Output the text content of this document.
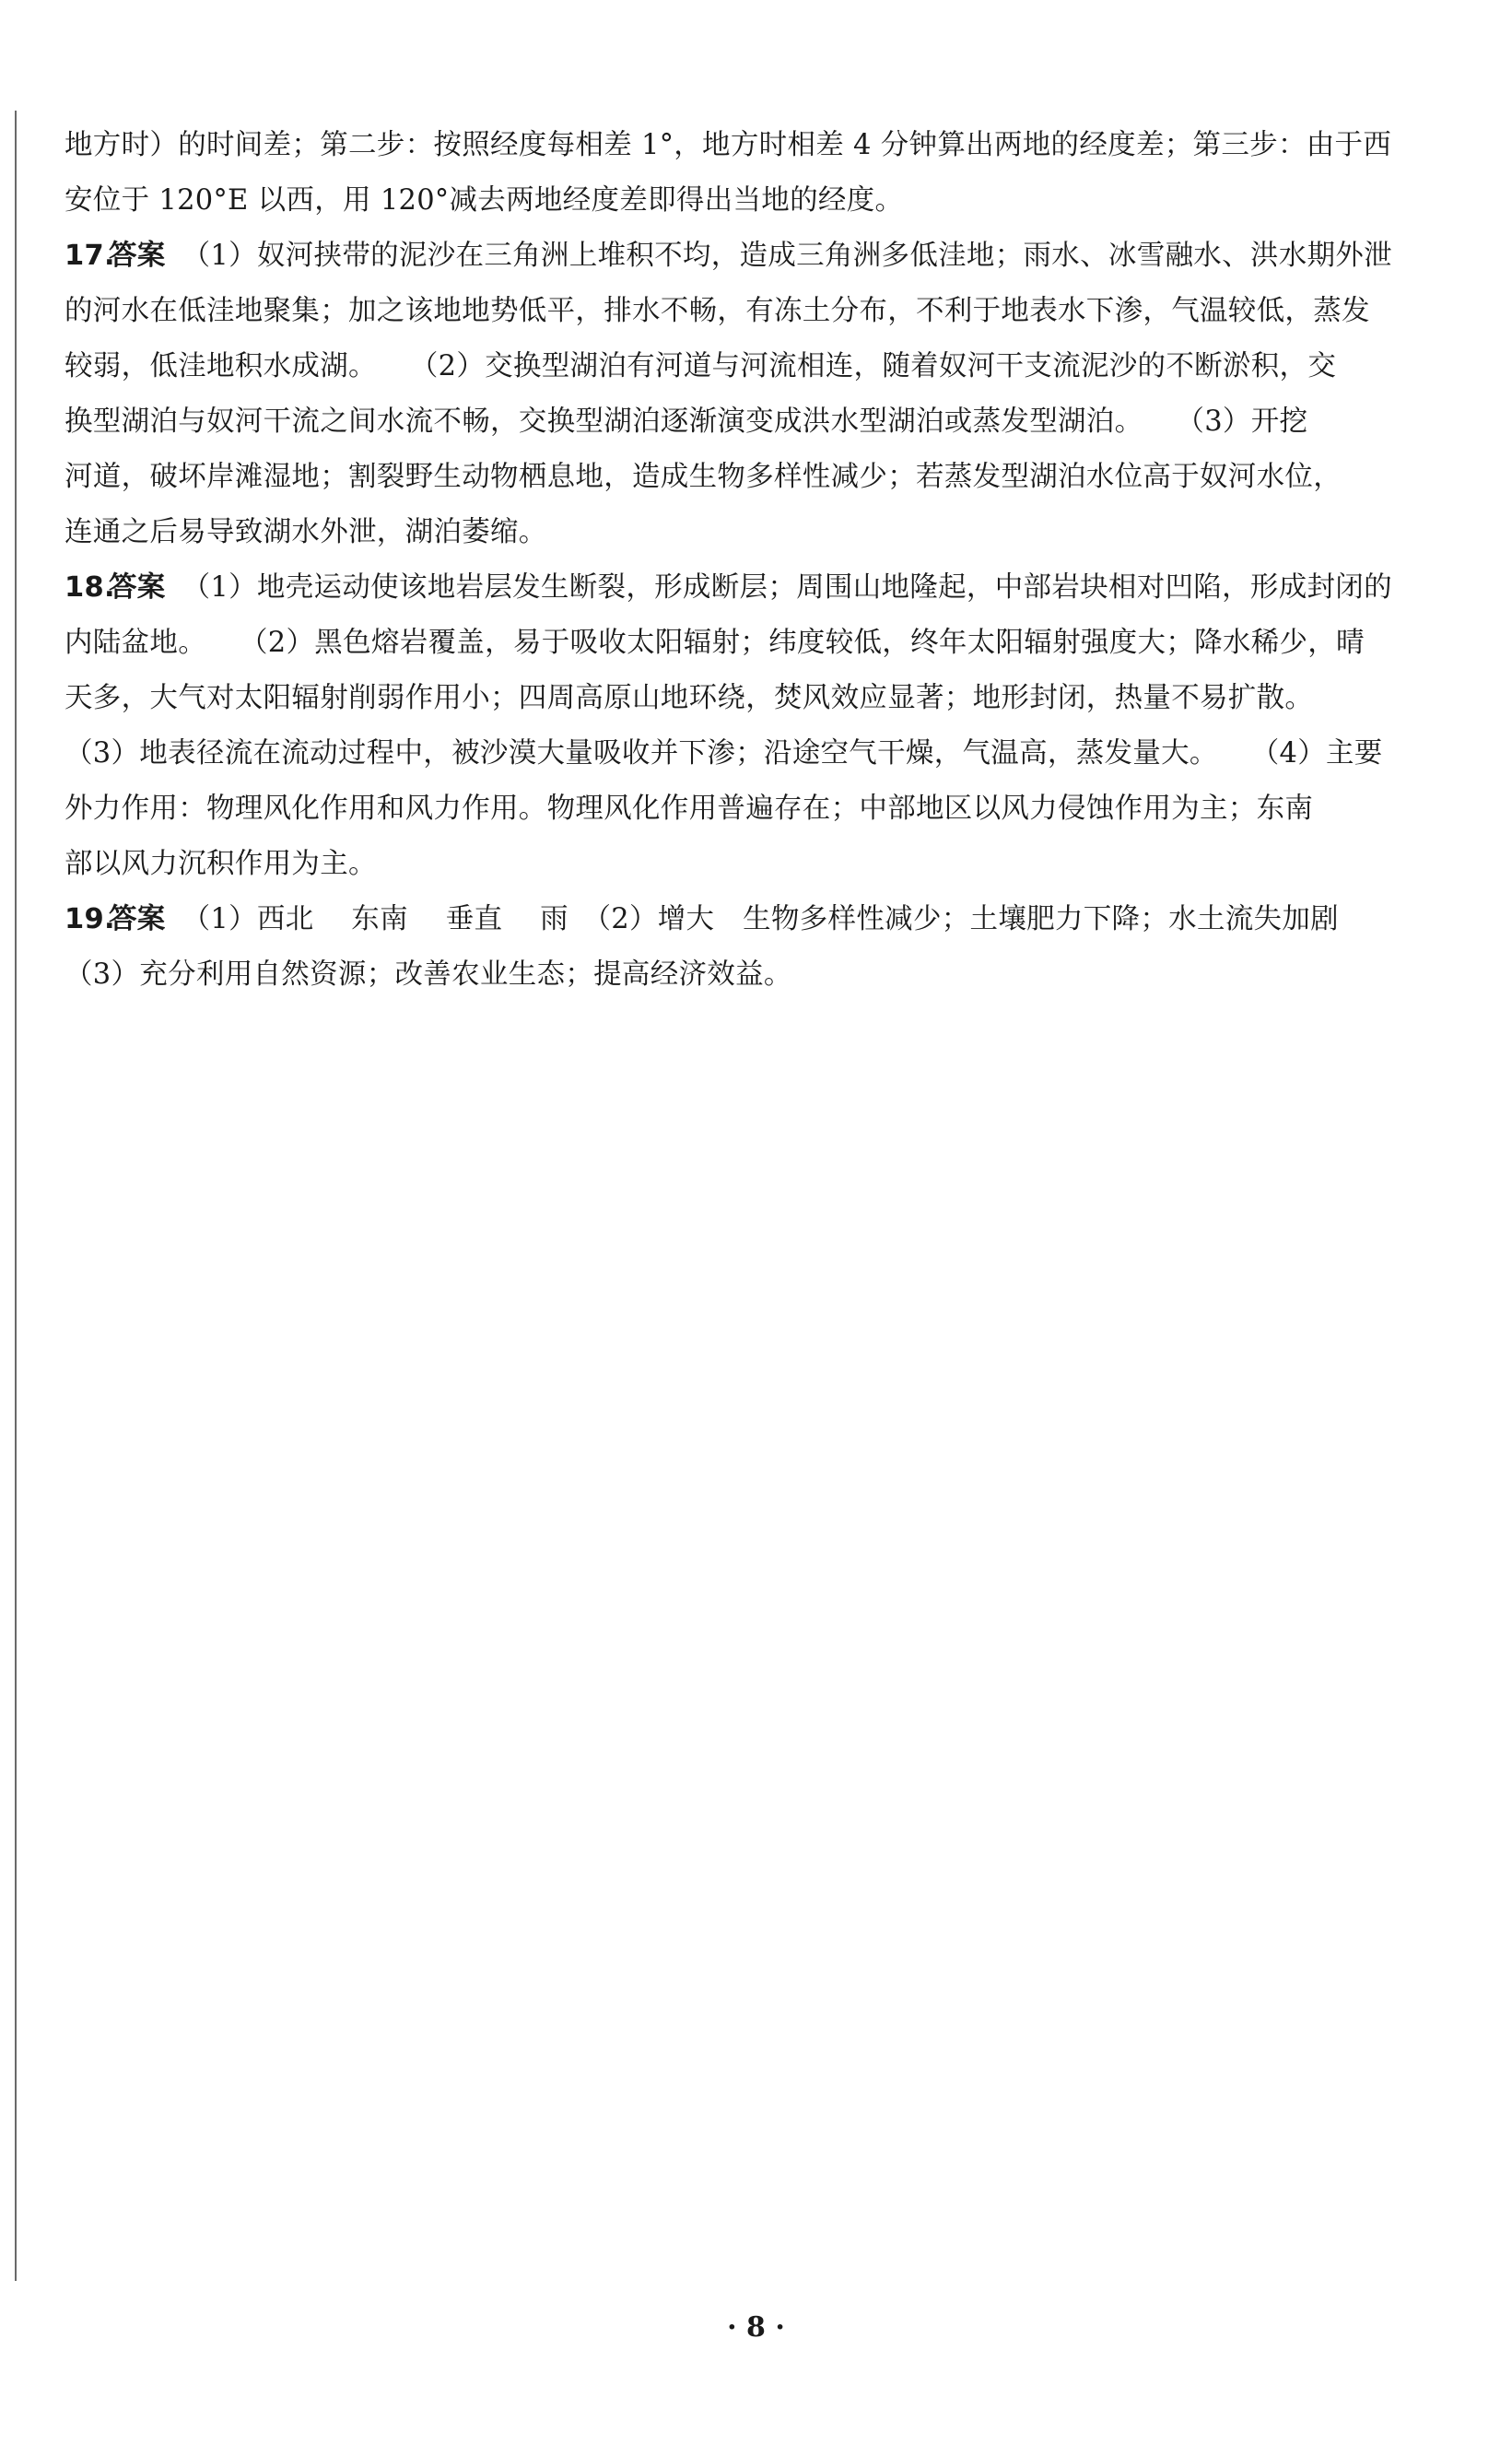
地方时）的时间差；第二步：按照经度每相差 1°，地方时相差 4 分钟算出两地的经度差；第三步：由于西
安位于 120°E 以西，用 120°减去两地经度差即得出当地的经度。
17.答案 （1）奴河挟带的泥沙在三角洲上堆积不均，造成三角洲多低洼地；雨水、冰雪融水、洪水期外泄
的河水在低洼地聚集；加之该地地势低平，排水不畅，有冻土分布，不利于地表水下渗，气温较低，蒸发
较弱，低洼地积水成湖。 （2）交换型湖泊有河道与河流相连，随着奴河干支流泥沙的不断淤积，交
换型湖泊与奴河干流之间水流不畅，交换型湖泊逐渐演变成洪水型湖泊或蒸发型湖泊。 （3）开挖
河道，破坏岸滩湿地；割裂野生动物栖息地，造成生物多样性减少；若蒸发型湖泊水位高于奴河水位，
连通之后易导致湖水外泄，湖泊萎缩。
18.答案 （1）地壳运动使该地岩层发生断裂，形成断层；周围山地隆起，中部岩块相对凹陷，形成封闭的
内陆盆地。 （2）黑色熔岩覆盖，易于吸收太阳辐射；纬度较低，终年太阳辐射强度大；降水稀少，晴
天多，大气对太阳辐射削弱作用小；四周高原山地环绕，焚风效应显著；地形封闭，热量不易扩散。
（3）地表径流在流动过程中，被沙漠大量吸收并下渗；沿途空气干燥，气温高，蒸发量大。 （4）主要
外力作用：物理风化作用和风力作用。物理风化作用普遍存在；中部地区以风力侵蚀作用为主；东南
部以风力沉积作用为主。
19.答案 （1）西北　 东南　 垂直　 雨　（2）增大　生物多样性减少；土壤肥力下降；水土流失加剧
（3）充分利用自然资源；改善农业生态；提高经济效益。
· 8 ·
